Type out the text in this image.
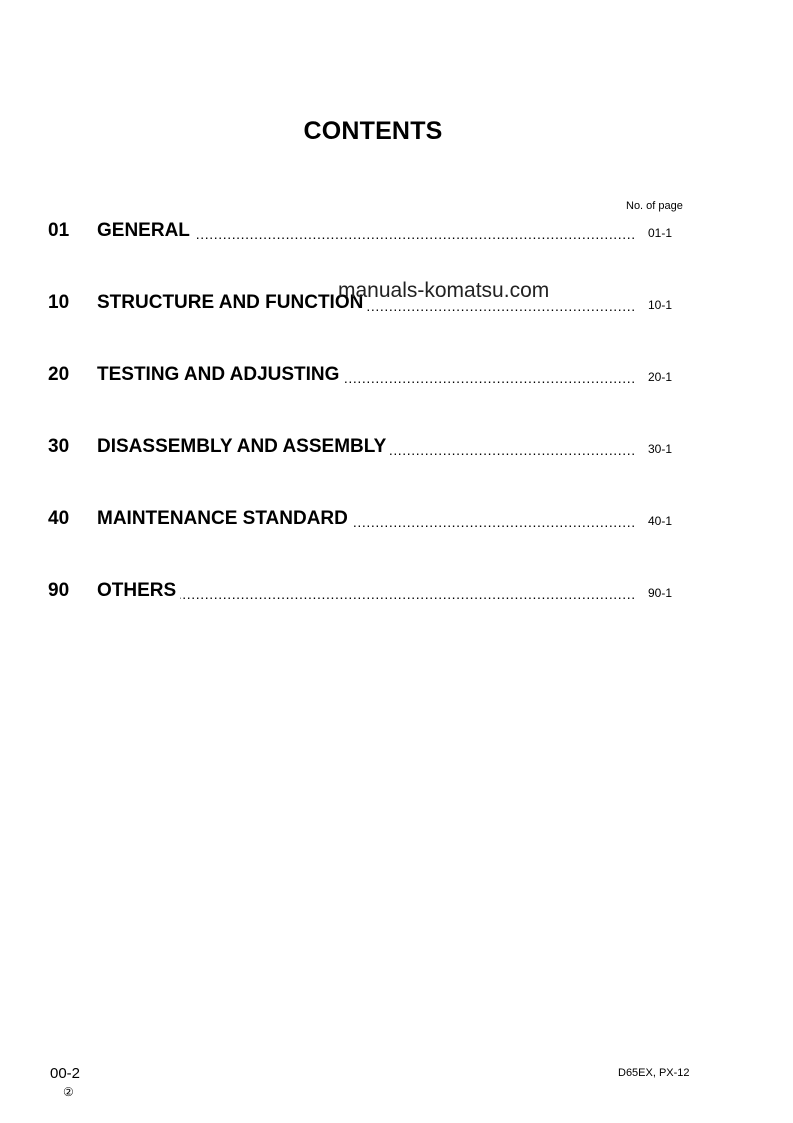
CONTENTS
No. of page
01 GENERAL .....	01-1
10 STRUCTURE AND FUNCTION .....	10-1
20 TESTING AND ADJUSTING .....	20-1
30 DISASSEMBLY AND ASSEMBLY .....	30-1
40 MAINTENANCE STANDARD .....	40-1
90 OTHERS .....	90-1
manuals-komatsu.com
00-2
②
D65EX, PX-12
